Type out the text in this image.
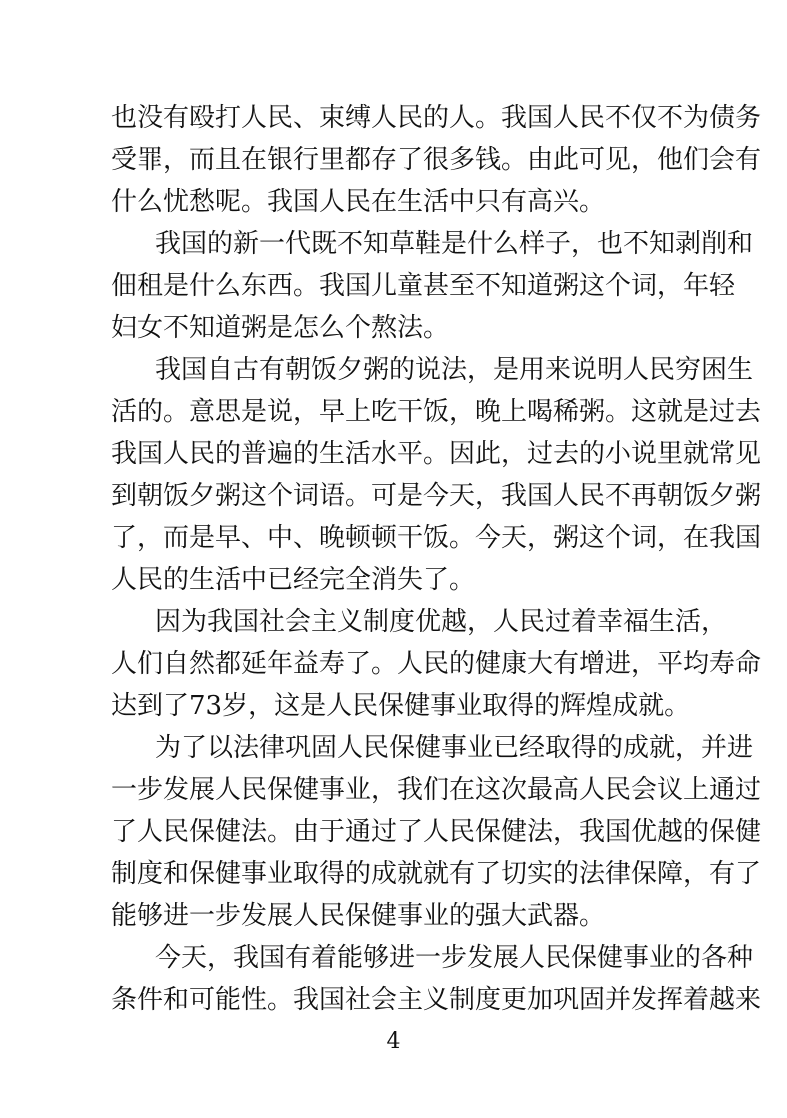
也没有殴打人民、束缚人民的人。我国人民不仅不为债务
受罪，而且在银行里都存了很多钱。由此可见，他们会有
什么忧愁呢。我国人民在生活中只有高兴。
我国的新一代既不知草鞋是什么样子，也不知剥削和
佃租是什么东西。我国儿童甚至不知道粥这个词，年轻
妇女不知道粥是怎么个熬法。
我国自古有朝饭夕粥的说法，是用来说明人民穷困生
活的。意思是说，早上吃干饭，晚上喝稀粥。这就是过去
我国人民的普遍的生活水平。因此，过去的小说里就常见
到朝饭夕粥这个词语。可是今天，我国人民不再朝饭夕粥
了，而是早、中、晚顿顿干饭。今天，粥这个词，在我国
人民的生活中已经完全消失了。
因为我国社会主义制度优越，人民过着幸福生活，
人们自然都延年益寿了。人民的健康大有增进，平均寿命
达到了73岁，这是人民保健事业取得的辉煌成就。
为了以法律巩固人民保健事业已经取得的成就，并进
一步发展人民保健事业，我们在这次最高人民会议上通过
了人民保健法。由于通过了人民保健法，我国优越的保健
制度和保健事业取得的成就就有了切实的法律保障，有了
能够进一步发展人民保健事业的强大武器。
今天，我国有着能够进一步发展人民保健事业的各种
条件和可能性。我国社会主义制度更加巩固并发挥着越来
4
